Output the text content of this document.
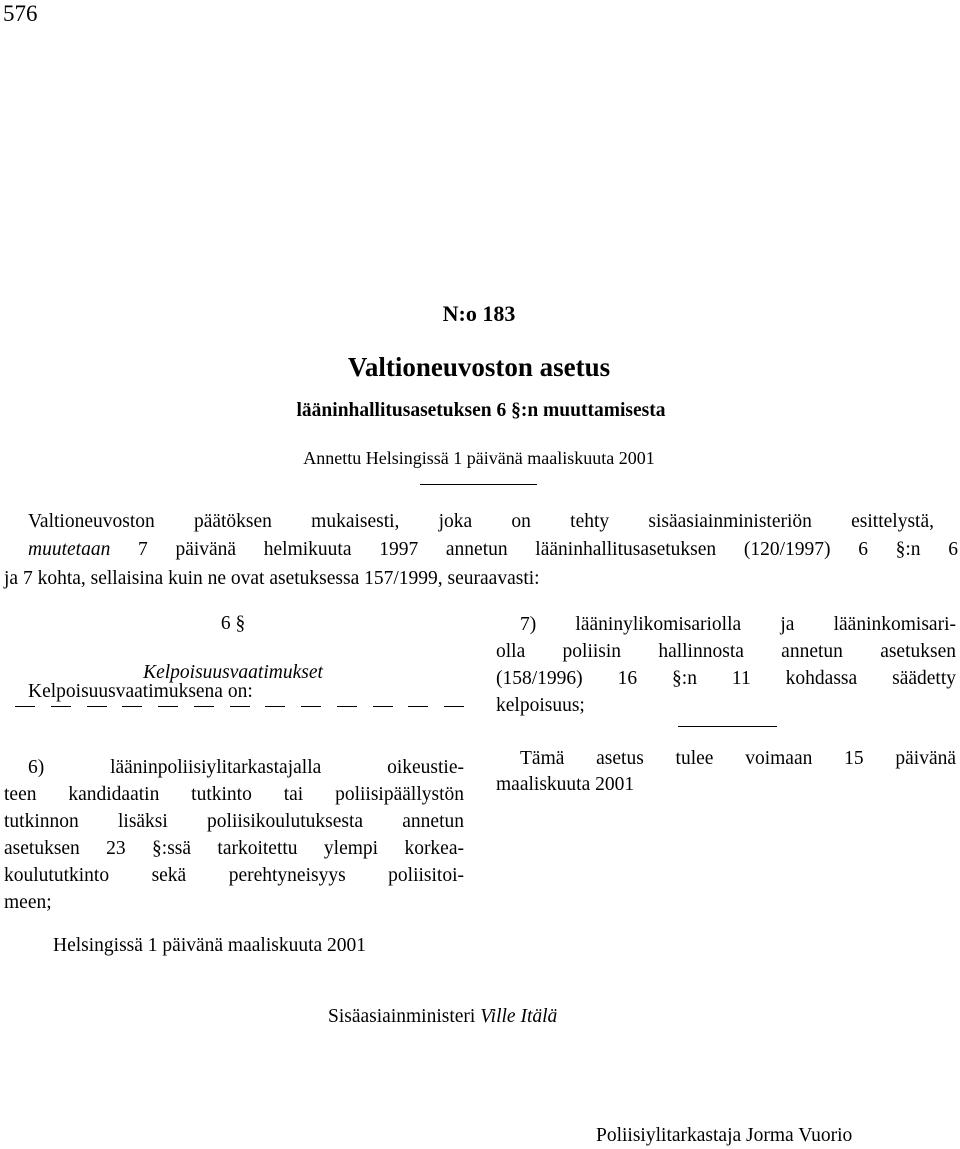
576
N:o 183
Valtioneuvoston asetus
lääninhallitusasetuksen 6 §:n muuttamisesta
Annettu Helsingissä 1 päivänä maaliskuuta 2001
Valtioneuvoston päätöksen mukaisesti, joka on tehty sisäasiainministeriön esittelystä,
muutetaan 7 päivänä helmikuuta 1997 annetun lääninhallitusasetuksen (120/1997) 6 §:n 6
ja 7 kohta, sellaisina kuin ne ovat asetuksessa 157/1999, seuraavasti:
6 §
Kelpoisuusvaatimukset
Kelpoisuusvaatimuksena on:
6) lääninpoliisiylitarkastajalla oikeustie-
teen kandidaatin tutkinto tai poliisipäällystön
tutkinnon lisäksi poliisikoulutuksesta annetun
asetuksen 23 §:ssä tarkoitettu ylempi korkea-
koulututkinto sekä perehtyneisyys poliisitoi-
meen;
7) lääninylikomisariolla ja lääninkomisari-
olla poliisin hallinnosta annetun asetuksen
(158/1996) 16 §:n 11 kohdassa säädetty
kelpoisuus;
Tämä asetus tulee voimaan 15 päivänä
maaliskuuta 2001
Helsingissä 1 päivänä maaliskuuta 2001
Sisäasiainministeri Ville Itälä
Poliisiylitarkastaja Jorma Vuorio
